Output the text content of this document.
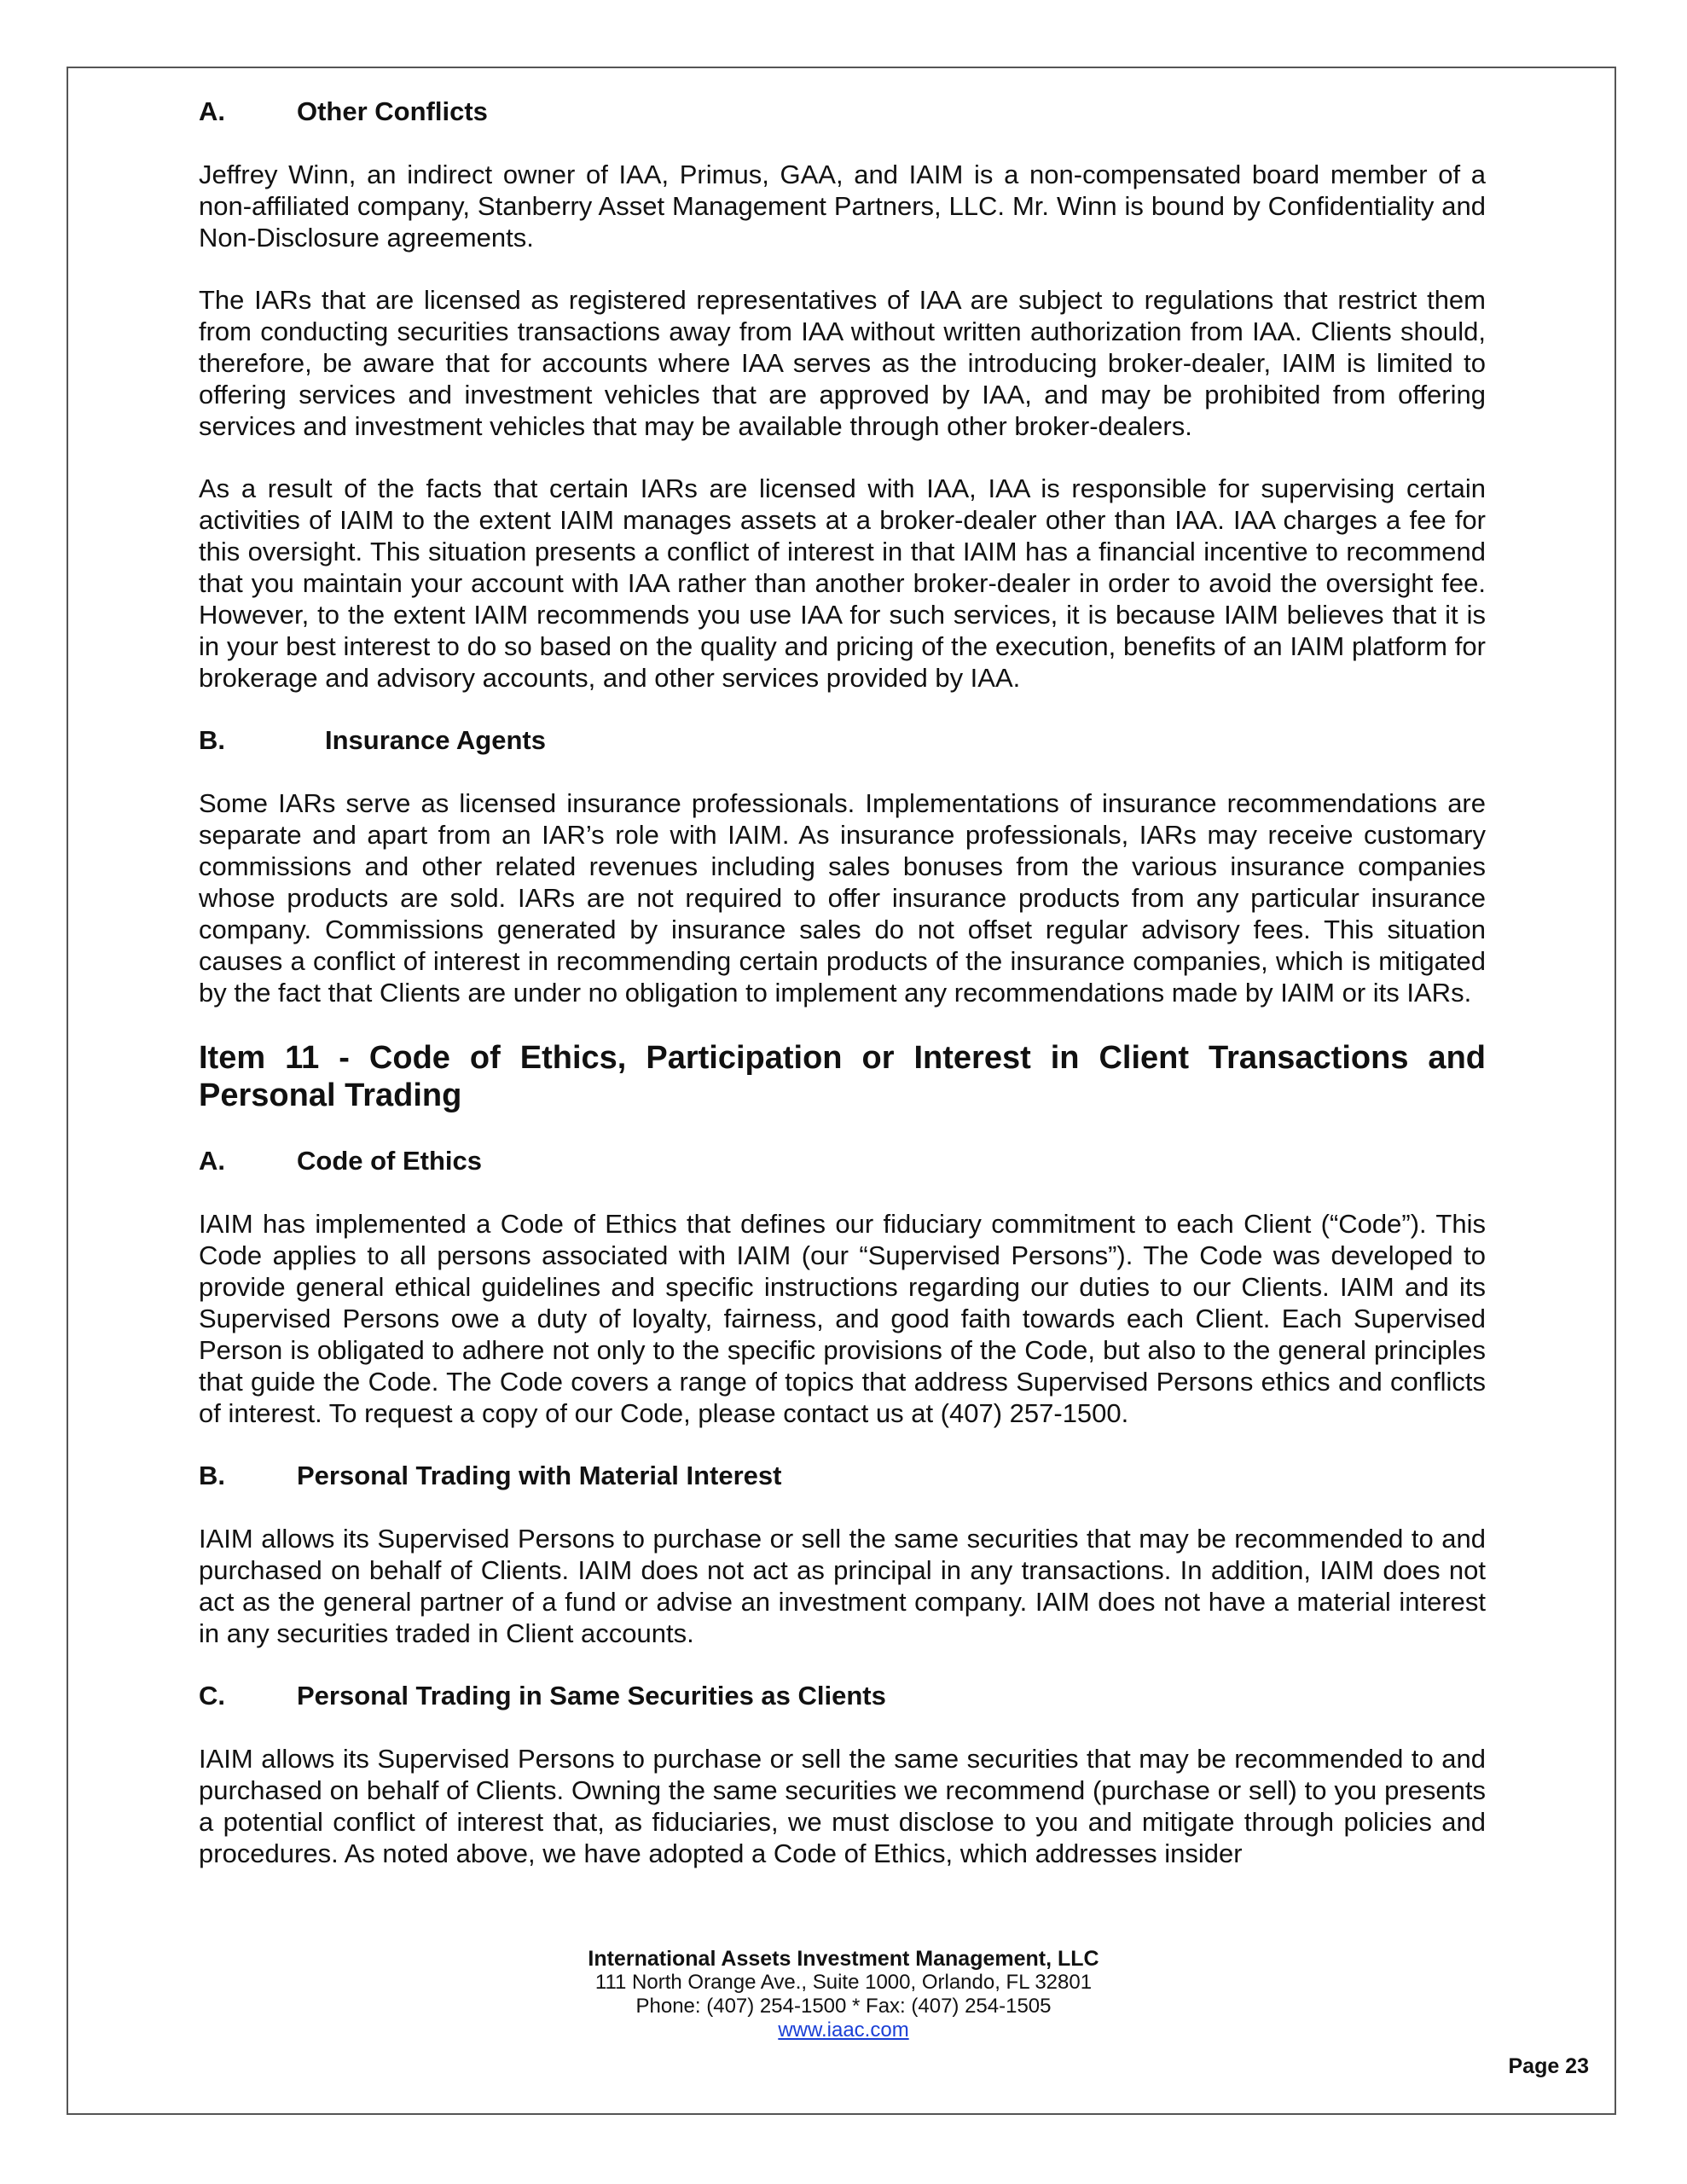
A.	Other Conflicts

Jeffrey Winn, an indirect owner of IAA, Primus, GAA, and IAIM is a non-compensated board member of a non-affiliated company, Stanberry Asset Management Partners, LLC. Mr. Winn is bound by Confidentiality and Non-Disclosure agreements.

The IARs that are licensed as registered representatives of IAA are subject to regulations that restrict them from conducting securities transactions away from IAA without written authorization from IAA. Clients should, therefore, be aware that for accounts where IAA serves as the introducing broker-dealer, IAIM is limited to offering services and investment vehicles that are approved by IAA, and may be prohibited from offering services and investment vehicles that may be available through other broker-dealers.

As a result of the facts that certain IARs are licensed with IAA, IAA is responsible for supervising certain activities of IAIM to the extent IAIM manages assets at a broker-dealer other than IAA. IAA charges a fee for this oversight. This situation presents a conflict of interest in that IAIM has a financial incentive to recommend that you maintain your account with IAA rather than another broker-dealer in order to avoid the oversight fee. However, to the extent IAIM recommends you use IAA for such services, it is because IAIM believes that it is in your best interest to do so based on the quality and pricing of the execution, benefits of an IAIM platform for brokerage and advisory accounts, and other services provided by IAA.

B.	Insurance Agents

Some IARs serve as licensed insurance professionals. Implementations of insurance recommendations are separate and apart from an IAR’s role with IAIM. As insurance professionals, IARs may receive customary commissions and other related revenues including sales bonuses from the various insurance companies whose products are sold. IARs are not required to offer insurance products from any particular insurance company. Commissions generated by insurance sales do not offset regular advisory fees. This situation causes a conflict of interest in recommending certain products of the insurance companies, which is mitigated by the fact that Clients are under no obligation to implement any recommendations made by IAIM or its IARs.

Item 11 - Code of Ethics, Participation or Interest in Client Transactions and Personal Trading
A.	Code of Ethics

IAIM has implemented a Code of Ethics that defines our fiduciary commitment to each Client (“Code”). This Code applies to all persons associated with IAIM (our “Supervised Persons”). The Code was developed to provide general ethical guidelines and specific instructions regarding our duties to our Clients. IAIM and its Supervised Persons owe a duty of loyalty, fairness, and good faith towards each Client. Each Supervised Person is obligated to adhere not only to the specific provisions of the Code, but also to the general principles that guide the Code. The Code covers a range of topics that address Supervised Persons ethics and conflicts of interest. To request a copy of our Code, please contact us at (407) 257-1500.

B.	Personal Trading with Material Interest

IAIM allows its Supervised Persons to purchase or sell the same securities that may be recommended to and purchased on behalf of Clients. IAIM does not act as principal in any transactions. In addition, IAIM does not act as the general partner of a fund or advise an investment company. IAIM does not have a material interest in any securities traded in Client accounts.

C.	Personal Trading in Same Securities as Clients

IAIM allows its Supervised Persons to purchase or sell the same securities that may be recommended to and purchased on behalf of Clients. Owning the same securities we recommend (purchase or sell) to you presents a potential conflict of interest that, as fiduciaries, we must disclose to you and mitigate through policies and procedures. As noted above, we have adopted a Code of Ethics, which addresses insider

International Assets Investment Management, LLC
111 North Orange Ave., Suite 1000, Orlando, FL 32801
Phone: (407) 254-1500 * Fax: (407) 254-1505
www.iaac.com
Page 23
